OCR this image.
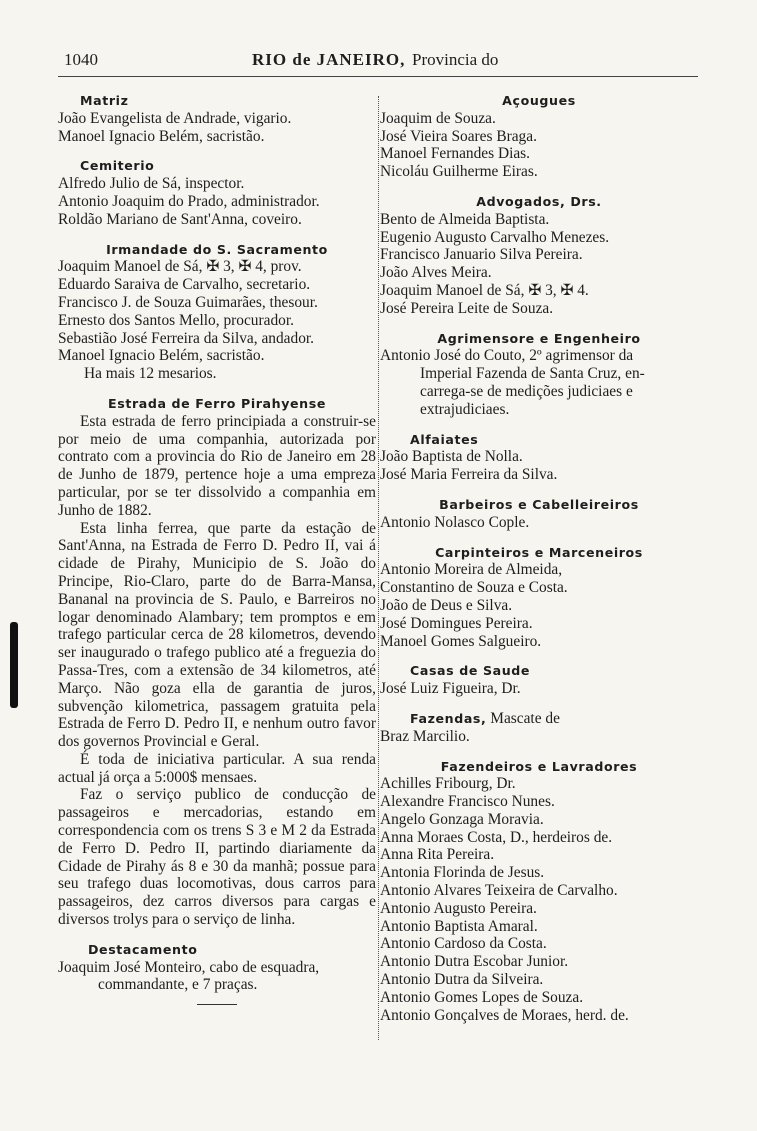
1040	RIO de JANEIRO, Provincia do
Matriz
João Evangelista de Andrade, vigario.
Manoel Ignacio Belém, sacristão.
Cemiterio
Alfredo Julio de Sá, inspector.
Antonio Joaquim do Prado, administrador.
Roldão Mariano de Sant'Anna, coveiro.
Irmandade do S. Sacramento
Joaquim Manoel de Sá, ✠ 3, ✠ 4, prov.
Eduardo Saraiva de Carvalho, secretario.
Francisco J. de Souza Guimarães, thesour.
Ernesto dos Santos Mello, procurador.
Sebastião José Ferreira da Silva, andador.
Manoel Ignacio Belém, sacristão.
Ha mais 12 mesarios.
Estrada de Ferro Pirahyense
Esta estrada de ferro principiada a construir-se por meio de uma companhia, autorizada por contrato com a provincia do Rio de Janeiro em 28 de Junho de 1879, pertence hoje a uma empreza particular, por se ter dissolvido a companhia em Junho de 1882.
Esta linha ferrea, que parte da estação de Sant'Anna, na Estrada de Ferro D. Pedro II, vai á cidade de Pirahy, Municipio de S. João do Principe, Rio-Claro, parte do de Barra-Mansa, Bananal na provincia de S. Paulo, e Barreiros no logar denominado Alambary; tem promptos e em trafego particular cerca de 28 kilometros, devendo ser inaugurado o trafego publico até a freguezia do Passa-Tres, com a extensão de 34 kilometros, até Março. Não goza ella de garantia de juros, subvenção kilometrica, passagem gratuita pela Estrada de Ferro D. Pedro II, e nenhum outro favor dos governos Provincial e Geral.
É toda de iniciativa particular. A sua renda actual já orça a 5:000$ mensaes.
Faz o serviço publico de conducção de passageiros e mercadorias, estando em correspondencia com os trens S 3 e M 2 da Estrada de Ferro D. Pedro II, partindo diariamente da Cidade de Pirahy ás 8 e 30 da manhã; possue para seu trafego duas locomotivas, dous carros para passageiros, dez carros diversos para cargas e diversos trolys para o serviço de linha.
Destacamento
Joaquim José Monteiro, cabo de esquadra,
commandante, e 7 praças.
Açougues
Joaquim de Souza.
José Vieira Soares Braga.
Manoel Fernandes Dias.
Nicoláu Guilherme Eiras.
Advogados, Drs.
Bento de Almeida Baptista.
Eugenio Augusto Carvalho Menezes.
Francisco Januario Silva Pereira.
João Alves Meira.
Joaquim Manoel de Sá, ✠ 3, ✠ 4.
José Pereira Leite de Souza.
Agrimensore e Engenheiro
Antonio José do Couto, 2º agrimensor da
Imperial Fazenda de Santa Cruz, en-
carrega-se de medições judiciaes e
extrajudiciaes.
Alfaiates
João Baptista de Nolla.
José Maria Ferreira da Silva.
Barbeiros e Cabelleireiros
Antonio Nolasco Cople.
Carpinteiros e Marceneiros
Antonio Moreira de Almeida,
Constantino de Souza e Costa.
João de Deus e Silva.
José Domingues Pereira.
Manoel Gomes Salgueiro.
Casas de Saude
José Luiz Figueira, Dr.
Fazendas, Mascate de
Braz Marcilio.
Fazendeiros e Lavradores
Achilles Fribourg, Dr.
Alexandre Francisco Nunes.
Angelo Gonzaga Moravia.
Anna Moraes Costa, D., herdeiros de.
Anna Rita Pereira.
Antonia Florinda de Jesus.
Antonio Alvares Teixeira de Carvalho.
Antonio Augusto Pereira.
Antonio Baptista Amaral.
Antonio Cardoso da Costa.
Antonio Dutra Escobar Junior.
Antonio Dutra da Silveira.
Antonio Gomes Lopes de Souza.
Antonio Gonçalves de Moraes, herd. de.
